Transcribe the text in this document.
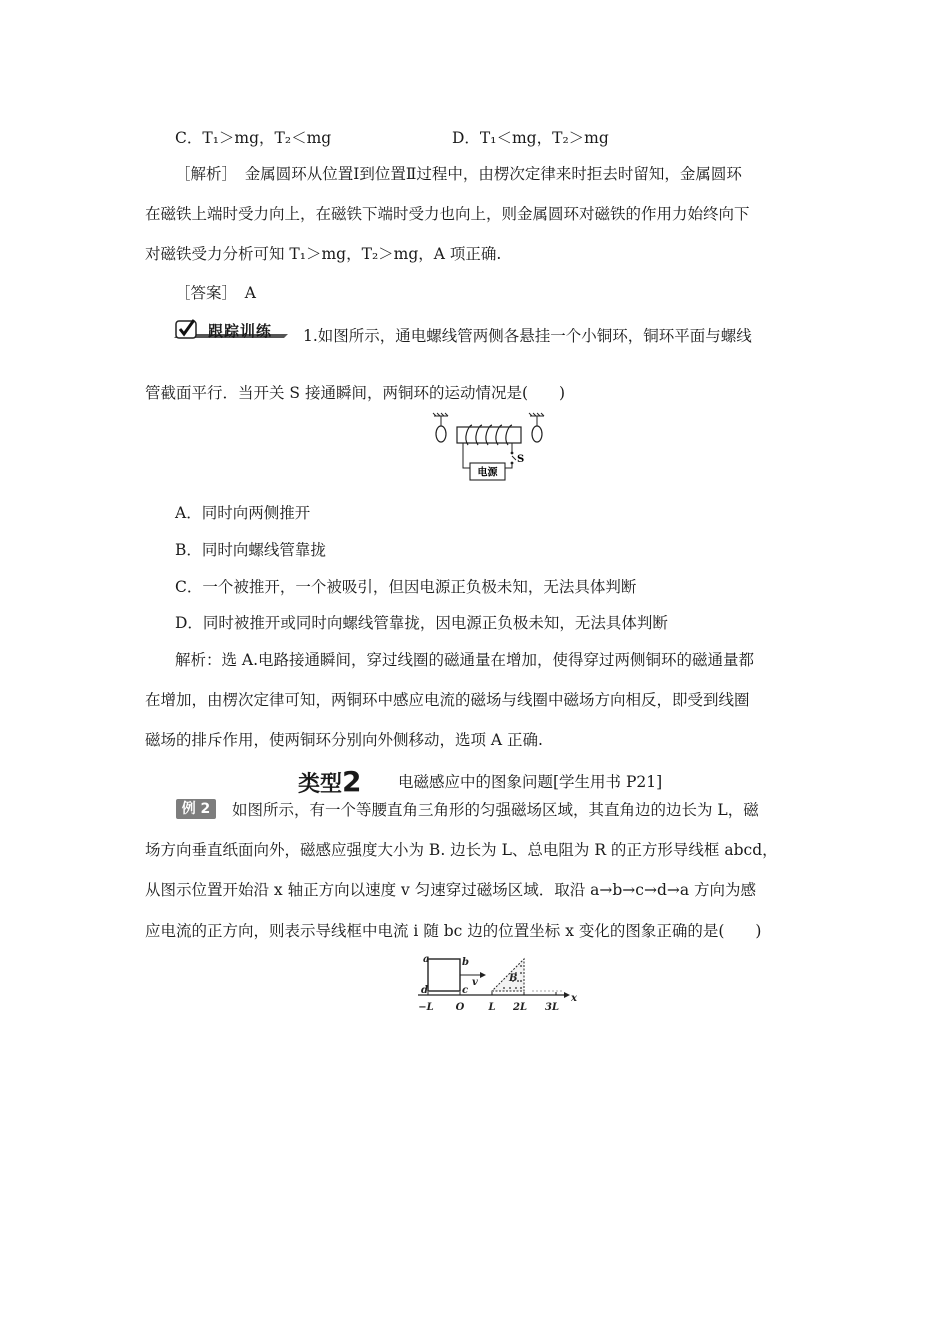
C．T₁＞mg，T₂＜mg	D．T₁＜mg，T₂＞mg
［解析］　金属圆环从位置Ⅰ到位置Ⅱ过程中，由楞次定律来时拒去时留知，金属圆环
在磁铁上端时受力向上，在磁铁下端时受力也向上，则金属圆环对磁铁的作用力始终向下
对磁铁受力分析可知 T₁＞mg，T₂＞mg，A 项正确.
［答案］　A
跟踪训练 1.如图所示，通电螺线管两侧各悬挂一个小铜环，铜环平面与螺线
管截面平行．当开关 S 接通瞬间，两铜环的运动情况是(　　)
S
电源
A．同时向两侧推开
B．同时向螺线管靠拢
C．一个被推开，一个被吸引，但因电源正负极未知，无法具体判断
D．同时被推开或同时向螺线管靠拢，因电源正负极未知，无法具体判断
解析：选 A.电路接通瞬间，穿过线圈的磁通量在增加，使得穿过两侧铜环的磁通量都
在增加，由楞次定律可知，两铜环中感应电流的磁场与线圈中磁场方向相反，即受到线圈
磁场的排斥作用，使两铜环分别向外侧移动，选项 A 正确.
类型2 电磁感应中的图象问题[学生用书 P21]
例 2	如图所示，有一个等腰直角三角形的匀强磁场区域，其直角边的边长为 L，磁
场方向垂直纸面向外，磁感应强度大小为 B. 边长为 L、总电阻为 R 的正方形导线框 abcd，
从图示位置开始沿 x 轴正方向以速度 v 匀速穿过磁场区域．取沿 a→b→c→d→a 方向为感
应电流的正方向，则表示导线框中电流 i 随 bc 边的位置坐标 x 变化的图象正确的是(　　)
a	b
c
d
v	B
x
−L O L 2L 3L
